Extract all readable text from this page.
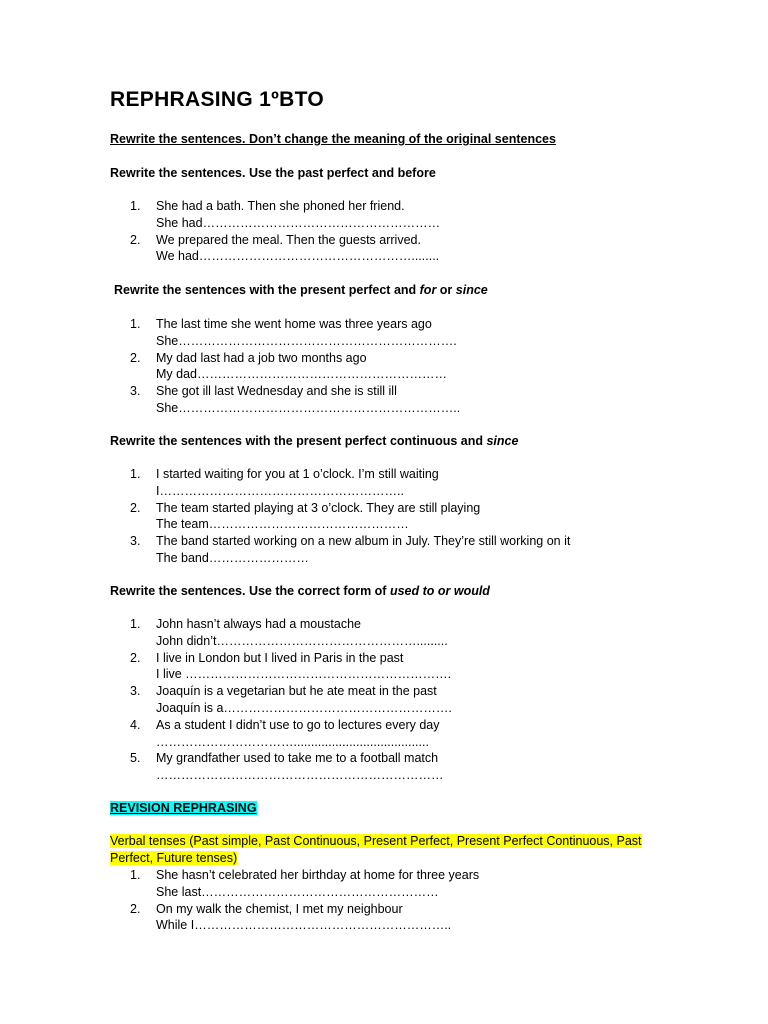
REPHRASING 1ºBTO

Rewrite the sentences. Don’t change the meaning of the original sentences

Rewrite the sentences. Use the past perfect and before

1.	She had a bath. Then she phoned her friend.
She had…………………………………………………
2.	We prepared the meal. Then the guests arrived.
We had……………………………………………........

Rewrite the sentences with the present perfect and for or since

1.	The last time she went home was three years ago
She………………………………………………………….
2.	My dad last had a job two months ago
My dad……………………………………………………
3.	She got ill last Wednesday and she is still ill
She…………………………………………………………..

Rewrite the sentences with the present perfect continuous and since

1.	I started waiting for you at 1 o’clock. I’m still waiting
I…………………………………………………..
2.	The team started playing at 3 o’clock. They are still playing
The team…………………………………………
3.	The band started working on a new album in July. They’re still working on it
The band……………………

Rewrite the sentences. Use the correct form of used to or would

1.	John hasn’t always had a moustache
John didn’t………………………………………….........
2.	I live in London but I lived in Paris in the past
I live ……………………………………………………….
3.	Joaquín is a vegetarian but he ate meat in the past
Joaquín is a……………………………………………….
4.	As a student I didn’t use to go to lectures every day
…………………………….......................................
5.	My grandfather used to take me to a football match
……………………………………………………………

REVISION REPHRASING

Verbal tenses (Past simple, Past Continuous, Present Perfect, Present Perfect Continuous, Past Perfect, Future tenses)

1.	She hasn’t celebrated her birthday at home for three years
She last…………………………………………………
2.	On my walk the chemist, I met my neighbour
While I……………………………………………………..
